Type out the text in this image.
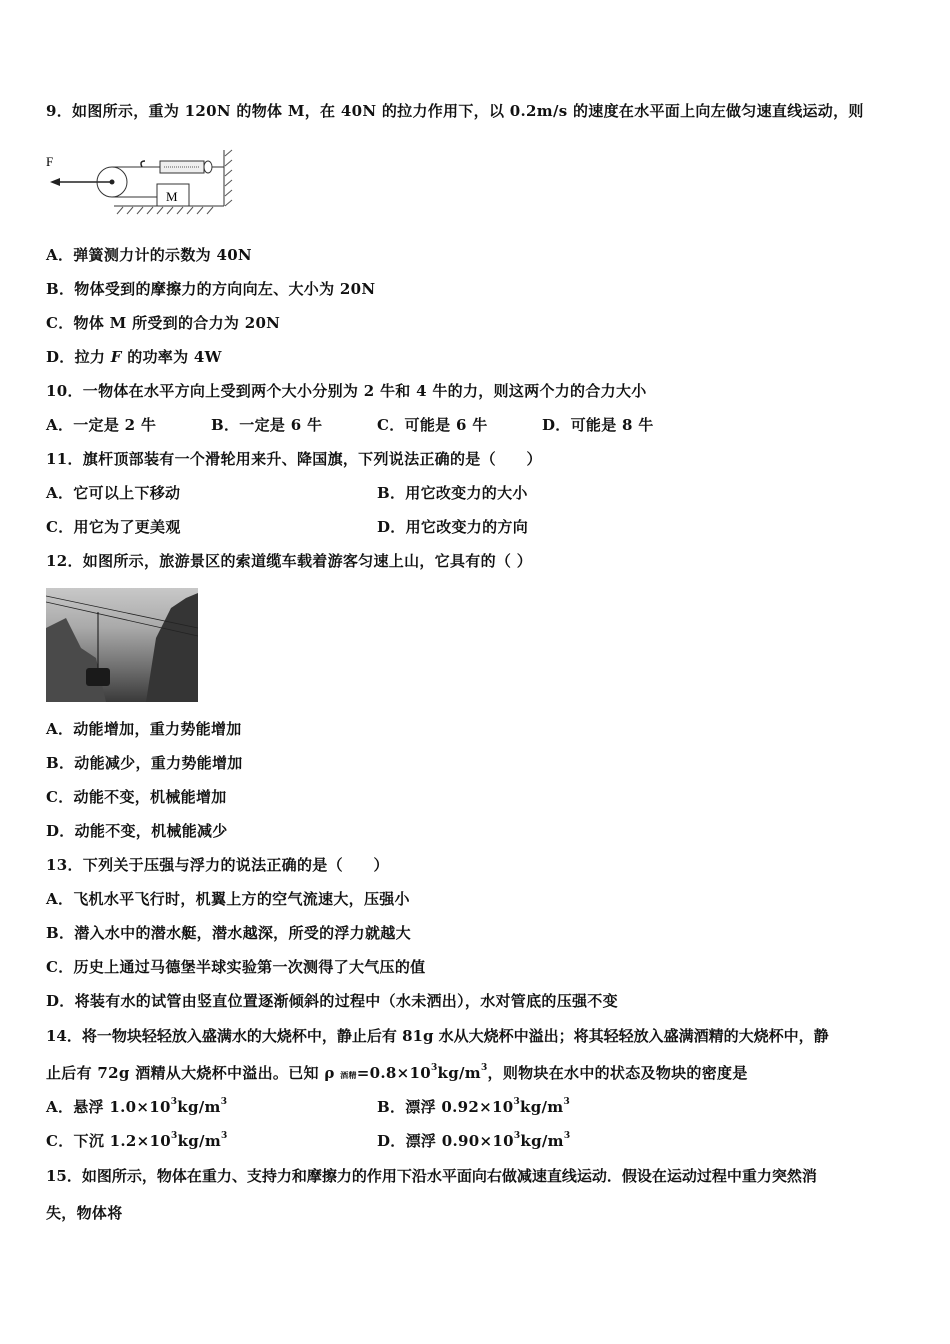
9．如图所示，重为 120N 的物体 M，在 40N 的拉力作用下，以 0.2m/s 的速度在水平面上向左做匀速直线运动，则
F
M
A．弹簧测力计的示数为 40N
B．物体受到的摩擦力的方向向左、大小为 20N
C．物体 M 所受到的合力为 20N
D．拉力 F 的功率为 4W
10．一物体在水平方向上受到两个大小分别为 2 牛和 4 牛的力，则这两个力的合力大小
A．一定是 2 牛	B．一定是 6 牛	C．可能是 6 牛	D．可能是 8 牛
11．旗杆顶部装有一个滑轮用来升、降国旗，下列说法正确的是（　　）
A．它可以上下移动	B．用它改变力的大小
C．用它为了更美观	D．用它改变力的方向
12．如图所示，旅游景区的索道缆车载着游客匀速上山，它具有的（ ）
A．动能增加，重力势能增加
B．动能减少，重力势能增加
C．动能不变，机械能增加
D．动能不变，机械能减少
13．下列关于压强与浮力的说法正确的是（　　）
A．飞机水平飞行时，机翼上方的空气流速大，压强小
B．潜入水中的潜水艇，潜水越深，所受的浮力就越大
C．历史上通过马德堡半球实验第一次测得了大气压的值
D．将装有水的试管由竖直位置逐渐倾斜的过程中（水未洒出），水对管底的压强不变
14．将一物块轻轻放入盛满水的大烧杯中，静止后有 81g 水从大烧杯中溢出；将其轻轻放入盛满酒精的大烧杯中，静
止后有 72g 酒精从大烧杯中溢出。已知 ρ 酒精$=0.8\times 10^3kg/m^3$，则物块在水中的状态及物块的密度是
A．悬浮 $1.0\times 10^3kg/m^3$	B．漂浮 $0.92\times 10^3kg/m^3$
C．下沉 $1.2\times 10^3kg/m^3$	D．漂浮 $0.90\times 10^3kg/m^3$
15．如图所示，物体在重力、支持力和摩擦力的作用下沿水平面向右做减速直线运动．假设在运动过程中重力突然消
失，物体将
